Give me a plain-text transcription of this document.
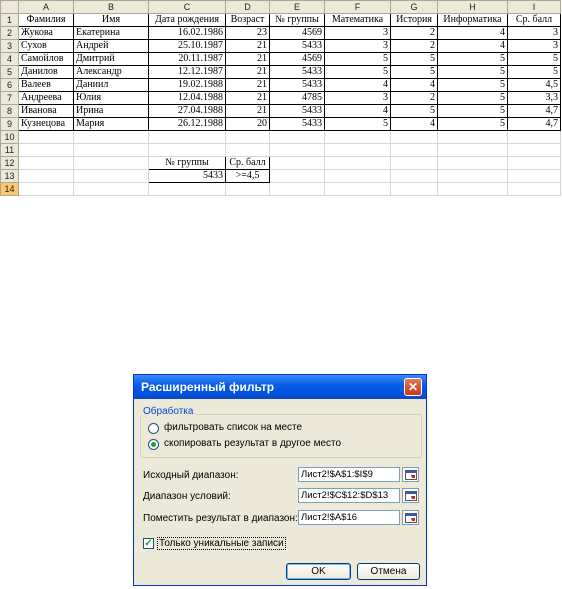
	A	B	C	D	E	F	G	H	I
1	Фамилия	Имя	Дата рождения	Возраст	№ группы	Математика	История	Информатика	Ср. балл
2	Жукова	Екатерина	16.02.1986	23	4569	3	2	4	3
3	Сухов	Андрей	25.10.1987	21	5433	3	2	4	3
4	Самойлов	Дмитрий	20.11.1987	21	4569	5	5	5	5
5	Данилов	Александр	12.12.1987	21	5433	5	5	5	5
6	Валеев	Даниил	19.02.1988	21	5433	4	4	5	4,5
7	Андреева	Юлия	12.04.1988	21	4785	3	2	5	3,3
8	Иванова	Ирина	27.04.1988	21	5433	4	5	5	4,7
9	Кузнецова	Мария	26.12.1988	20	5433	5	4	5	4,7
10									
11									
12			№ группы	Ср. балл					
13			5433	>=4,5					
14									
Расширенный фильтр	✕
Обработка
фильтровать список на месте
скопировать результат в другое место
Исходный диапазон:	Лист2!$A$1:$I$9
Диапазон условий:	Лист2!$C$12:$D$13
Поместить результат в диапазон: Лист2!$A$16
✓ Только уникальные записи
OK	Отмена
